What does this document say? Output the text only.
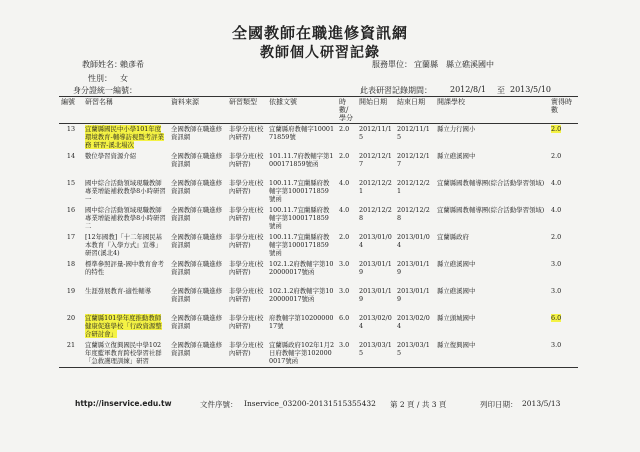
全國教師在職進修資訊網
教師個人研習記錄
教師姓名：
賴彥希
性別： 女
身分證統一編號：
服務單位： 宜蘭縣　縣立礁溪國中
此表研習記錄期間： 2012/8/1 至 2013/5/10
編號	研習名稱	資料來源	研習類型	依據文號	時數/學分	開始日期	結束日期	開課學校	實得時數
13	宜蘭縣國民中小學101年度環境教育-輔導訪視暨考評業務 研習-溪北場次	全國教師在職進修資訊網	非學分班(校內研習)	宜蘭縣府教輔字1000171859號	2.0	2012/11/15	2012/11/15	縣立力行國小	2.0
14	數位學習資源介紹	全國教師在職進修資訊網	非學分班(校內研習)	101.11.7府教輔字第1000171859號函	2.0	2012/12/17	2012/12/17	縣立礁溪國中	2.0
15	國中綜合活動領域現職教師專業增能補救教學8小時研習一	全國教師在職進修資訊網	非學分班(校內研習)	100.11.7宜蘭縣府教輔字第1000171859號函	4.0	2012/12/21	2012/12/21	宜蘭縣國教輔導團(綜合活動學習領域)	4.0
16	國中綜合活動領域現職教師專業增能補救教學8小時研習二	全國教師在職進修資訊網	非學分班(校內研習)	100.11.7宜蘭縣府教輔字第1000171859號函	4.0	2012/12/28	2012/12/28	宜蘭縣國教輔導團(綜合活動學習領域)	4.0
17	[12年國教]「十二年國民基本教育『入學方式』宣導」研習(溪北4)	全國教師在職進修資訊網	非學分班(校內研習)	100.11.7宜蘭縣府教輔字第1000171859號函	2.0	2013/01/04	2013/01/04	宜蘭縣政府	2.0
18	標準參照評量-國中教育會考的特性	全國教師在職進修資訊網	非學分班(校內研習)	102.1.2府教輔字第1020000017號函	3.0	2013/01/19	2013/01/19	縣立礁溪國中	3.0
19	生涯發展教育-適性輔導	全國教師在職進修資訊網	非學分班(校內研習)	102.1.2府教輔字第1020000017號函	3.0	2013/01/19	2013/01/19	縣立礁溪國中	3.0
20	宜蘭縣101學年度推動教師健康促進學校「行政資源整合研討會」	全國教師在職進修資訊網	非學分班(校內研習)	府教輔字第1020000017號	6.0	2013/02/04	2013/02/04	縣立頭城國中	6.0
21	宜蘭縣立復興國民中學102年度藍軍教育跨校學習社群「急救護理訓練」研習	全國教師在職進修資訊網	非學分班(校內研習)	宜蘭縣政府102年1月2日府教輔字第1020000017號函	3.0	2013/03/15	2013/03/15	縣立復興國中	3.0
http://inservice.edu.tw	文件序號： Inservice_03200-20131515355432 第 2 頁 / 共 3 頁	列印日期： 2013/5/13
